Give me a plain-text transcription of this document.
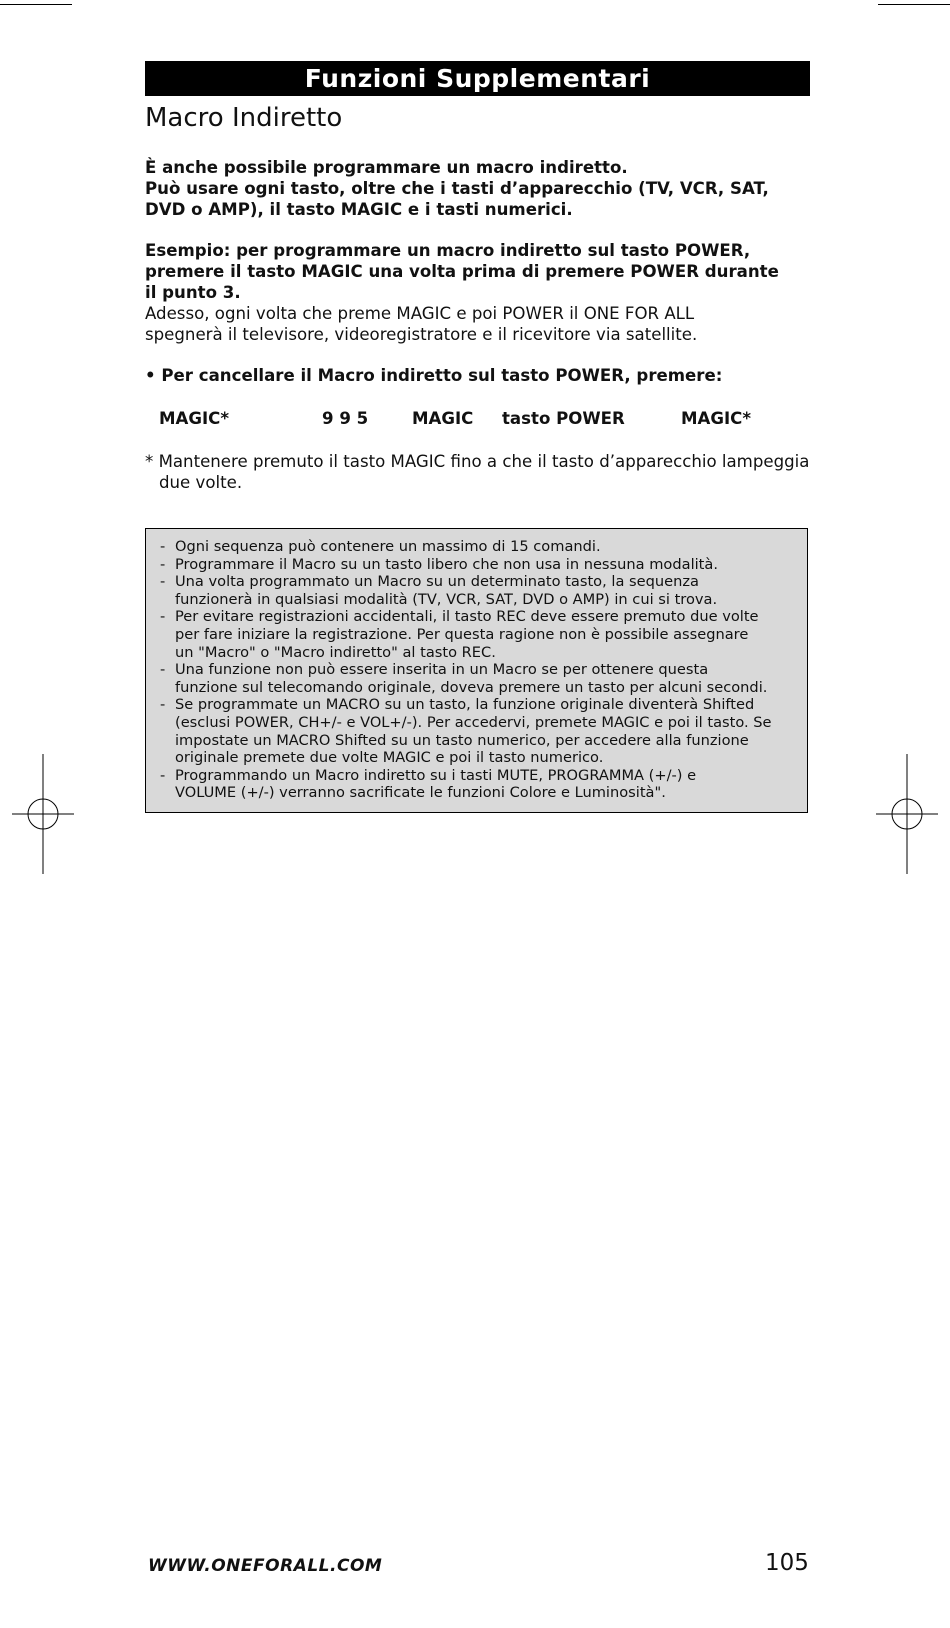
Funzioni Supplementari
Macro Indiretto

È anche possibile programmare un macro indiretto.
Può usare ogni tasto, oltre che i tasti d’apparecchio (TV, VCR, SAT,
DVD o AMP), il tasto MAGIC e i tasti numerici.

Esempio: per programmare un macro indiretto sul tasto POWER,
premere il tasto MAGIC una volta prima di premere POWER durante
il punto 3.
Adesso, ogni volta che preme MAGIC e poi POWER il ONE FOR ALL
spegnerà il televisore, videoregistratore e il ricevitore via satellite.

• Per cancellare il Macro indiretto sul tasto POWER, premere:

MAGIC*	9 9 5	MAGIC tasto POWER	MAGIC*
* Mantenere premuto il tasto MAGIC fino a che il tasto d’apparecchio lampeggia
due volte.
- Ogni sequenza può contenere un massimo di 15 comandi.
- Programmare il Macro su un tasto libero che non usa in nessuna modalità.
- Una volta programmato un Macro su un determinato tasto, la sequenza
funzionerà in qualsiasi modalità (TV, VCR, SAT, DVD o AMP) in cui si trova.
- Per evitare registrazioni accidentali, il tasto REC deve essere premuto due volte
per fare iniziare la registrazione. Per questa ragione non è possibile assegnare
un "Macro" o "Macro indiretto" al tasto REC.
- Una funzione non può essere inserita in un Macro se per ottenere questa
funzione sul telecomando originale, doveva premere un tasto per alcuni secondi.
- Se programmate un MACRO su un tasto, la funzione originale diventerà Shifted
(esclusi POWER, CH+/- e VOL+/-). Per accedervi, premete MAGIC e poi il tasto. Se
impostate un MACRO Shifted su un tasto numerico, per accedere alla funzione
originale premete due volte MAGIC e poi il tasto numerico.
- Programmando un Macro indiretto su i tasti MUTE, PROGRAMMA (+/-) e
VOLUME (+/-) verranno sacrificate le funzioni Colore e Luminosità".
WWW.ONEFORALL.COM	105
